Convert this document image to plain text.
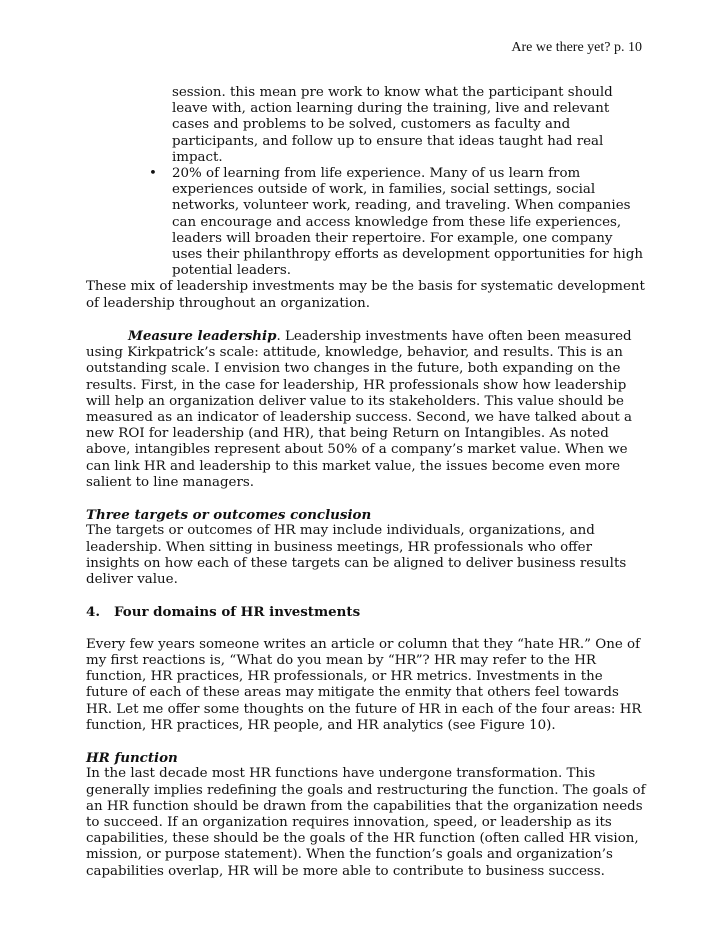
Are we there yet? p. 10

session. this mean pre work to know what the participant should leave with, action learning during the training, live and relevant cases and problems to be solved, customers as faculty and participants, and follow up to ensure that ideas taught had real impact.

• 20% of learning from life experience. Many of us learn from experiences outside of work, in families, social settings, social networks, volunteer work, reading, and traveling. When companies can encourage and access knowledge from these life experiences, leaders will broaden their repertoire. For example, one company uses their philanthropy efforts as development opportunities for high potential leaders.

These mix of leadership investments may be the basis for systematic development of leadership throughout an organization.

Measure leadership. Leadership investments have often been measured using Kirkpatrick’s scale: attitude, knowledge, behavior, and results. This is an outstanding scale. I envision two changes in the future, both expanding on the results. First, in the case for leadership, HR professionals show how leadership will help an organization deliver value to its stakeholders. This value should be measured as an indicator of leadership success. Second, we have talked about a new ROI for leadership (and HR), that being Return on Intangibles. As noted above, intangibles represent about 50% of a company’s market value. When we can link HR and leadership to this market value, the issues become even more salient to line managers.

Three targets or outcomes conclusion

The targets or outcomes of HR may include individuals, organizations, and leadership. When sitting in business meetings, HR professionals who offer insights on how each of these targets can be aligned to deliver business results deliver value.

4. Four domains of HR investments

Every few years someone writes an article or column that they “hate HR.” One of my first reactions is, “What do you mean by “HR”? HR may refer to the HR function, HR practices, HR professionals, or HR metrics. Investments in the future of each of these areas may mitigate the enmity that others feel towards HR. Let me offer some thoughts on the future of HR in each of the four areas: HR function, HR practices, HR people, and HR analytics (see Figure 10).

HR function

In the last decade most HR functions have undergone transformation. This generally implies redefining the goals and restructuring the function. The goals of an HR function should be drawn from the capabilities that the organization needs to succeed. If an organization requires innovation, speed, or leadership as its capabilities, these should be the goals of the HR function (often called HR vision, mission, or purpose statement). When the function’s goals and organization’s capabilities overlap, HR will be more able to contribute to business success.
